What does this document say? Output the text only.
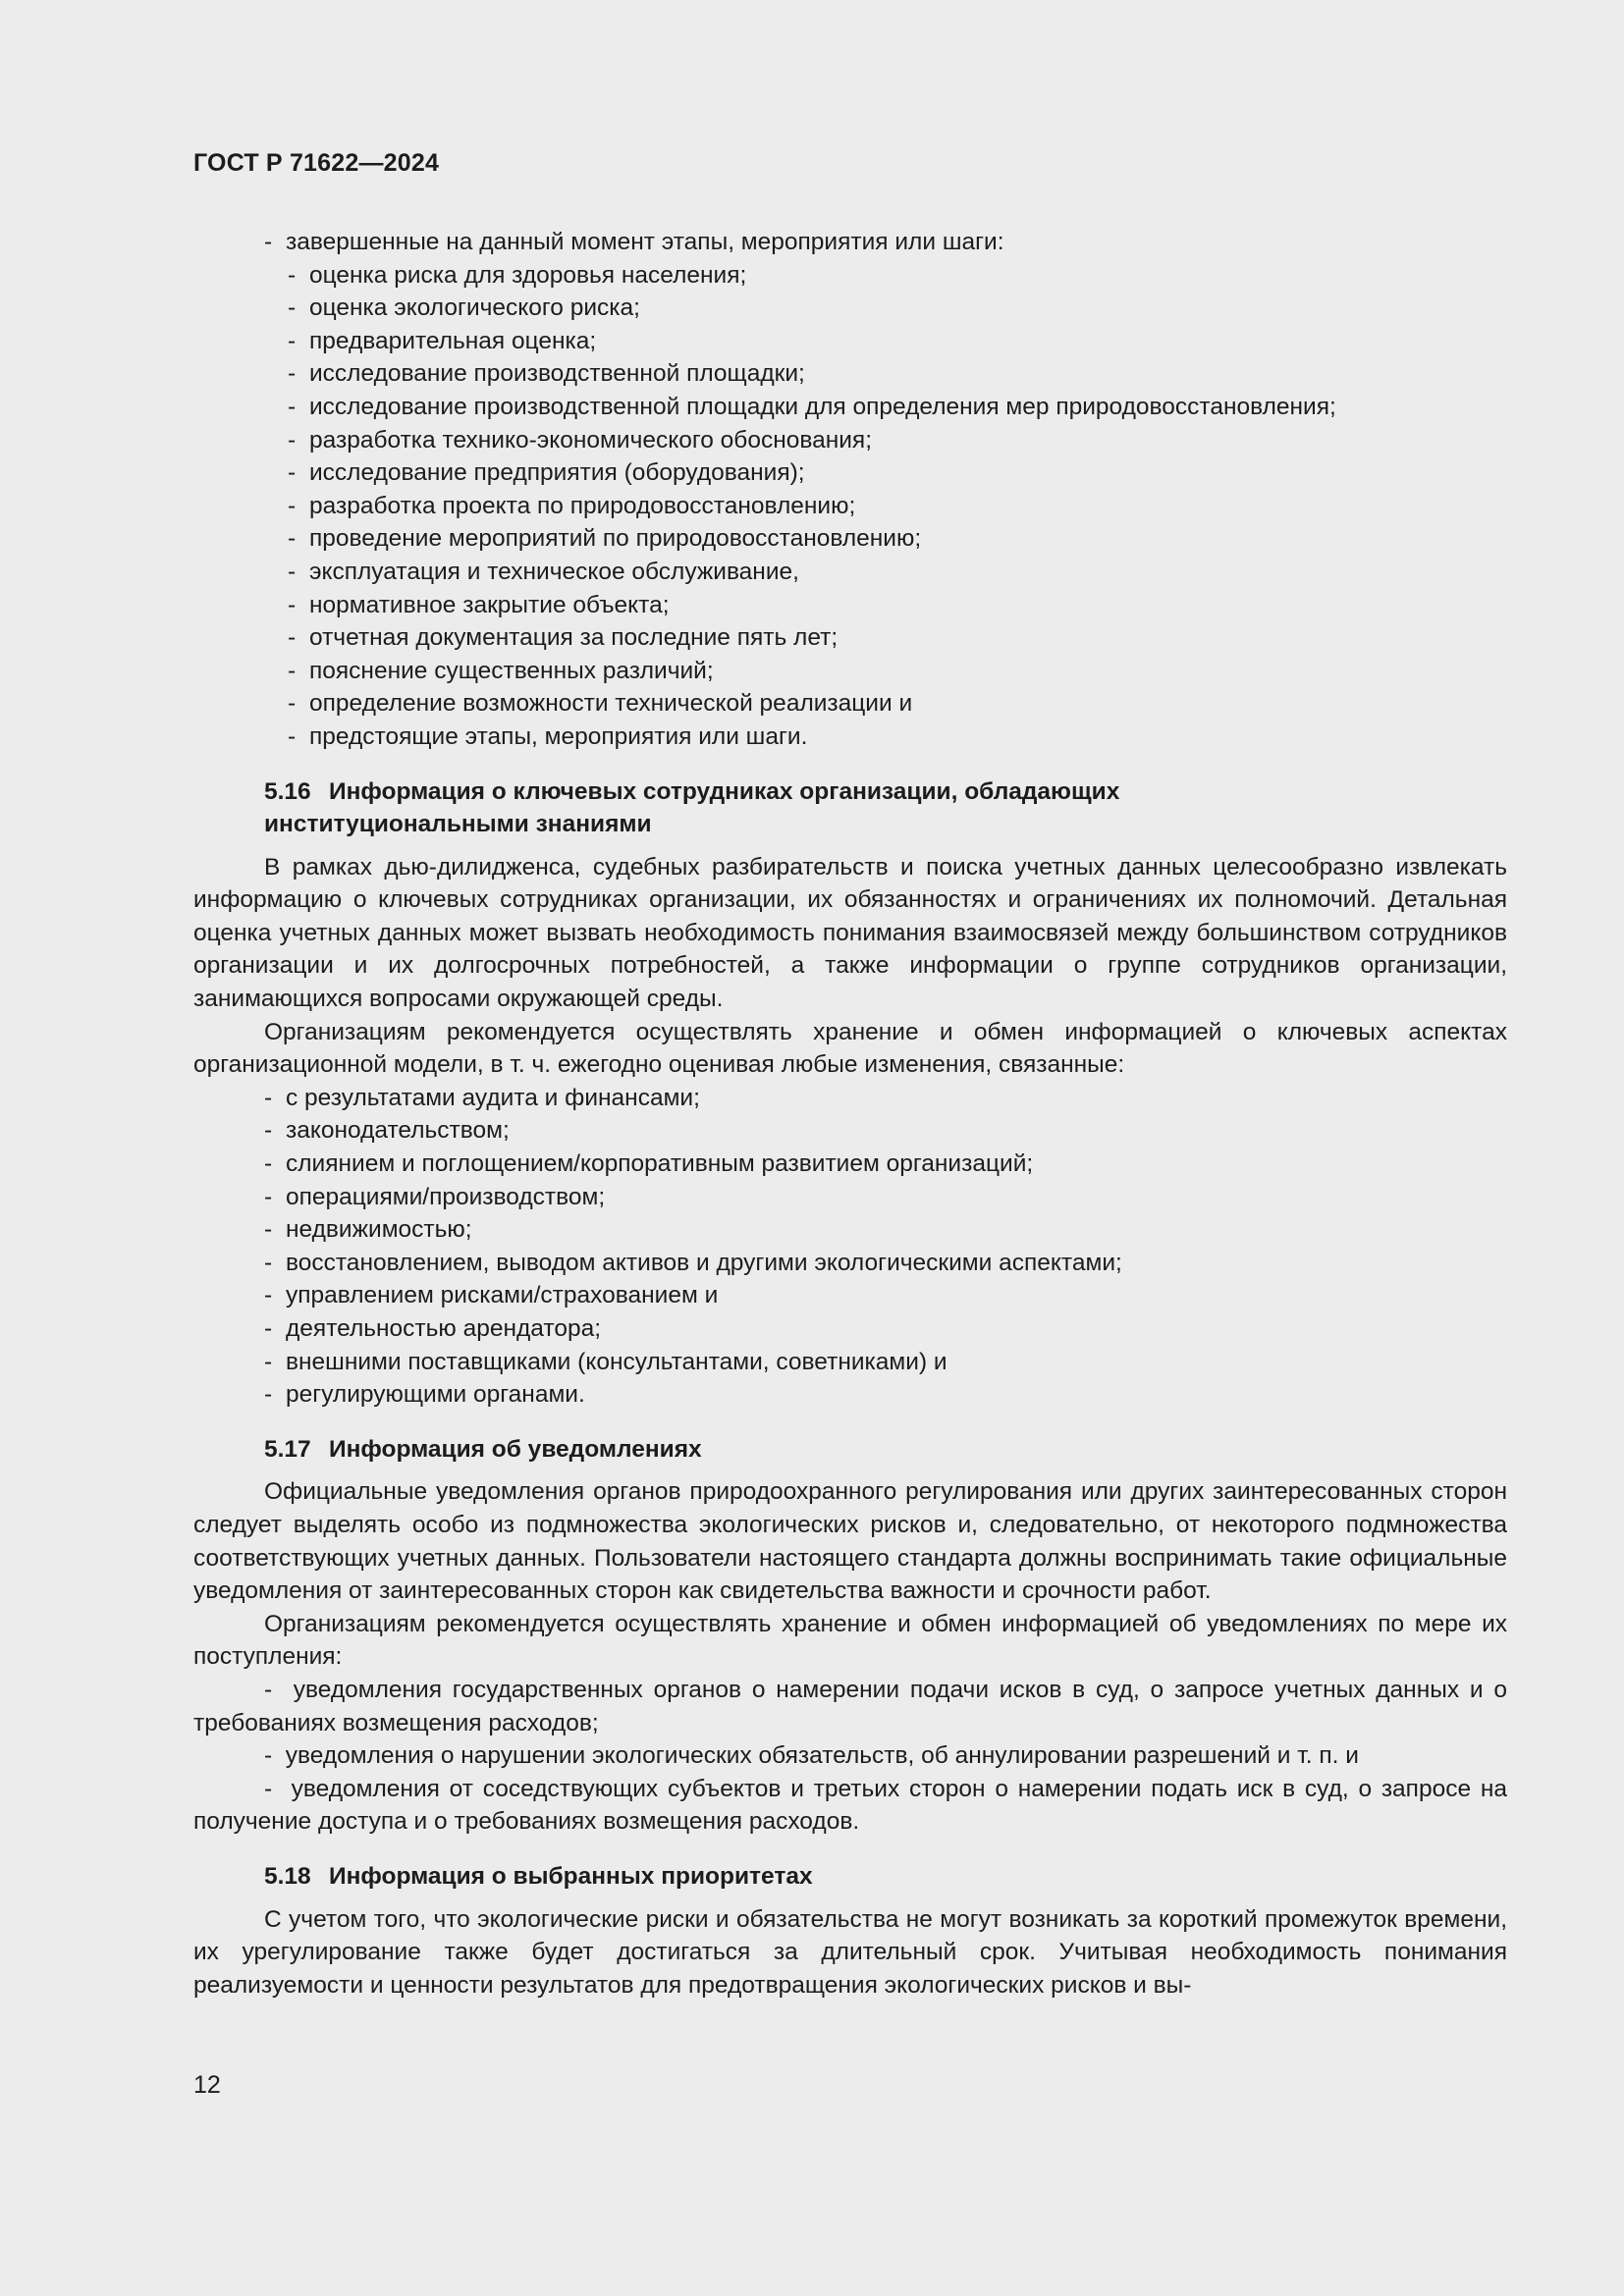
ГОСТ Р 71622—2024
- завершенные на данный момент этапы, мероприятия или шаги:
- оценка риска для здоровья населения;
- оценка экологического риска;
- предварительная оценка;
- исследование производственной площадки;
- исследование производственной площадки для определения мер природовосстановления;
- разработка технико-экономического обоснования;
- исследование предприятия (оборудования);
- разработка проекта по природовосстановлению;
- проведение мероприятий по природовосстановлению;
- эксплуатация и техническое обслуживание,
- нормативное закрытие объекта;
- отчетная документация за последние пять лет;
- пояснение существенных различий;
- определение возможности технической реализации и
- предстоящие этапы, мероприятия или шаги.
5.16 Информация о ключевых сотрудниках организации, обладающих
институциональными знаниями
В рамках дью-дилидженса, судебных разбирательств и поиска учетных данных целесообразно извлекать информацию о ключевых сотрудниках организации, их обязанностях и ограничениях их полномочий. Детальная оценка учетных данных может вызвать необходимость понимания взаимосвязей между большинством сотрудников организации и их долгосрочных потребностей, а также информации о группе сотрудников организации, занимающихся вопросами окружающей среды.
Организациям рекомендуется осуществлять хранение и обмен информацией о ключевых аспектах организационной модели, в т. ч. ежегодно оценивая любые изменения, связанные:
- с результатами аудита и финансами;
- законодательством;
- слиянием и поглощением/корпоративным развитием организаций;
- операциями/производством;
- недвижимостью;
- восстановлением, выводом активов и другими экологическими аспектами;
- управлением рисками/страхованием и
- деятельностью арендатора;
- внешними поставщиками (консультантами, советниками) и
- регулирующими органами.
5.17 Информация об уведомлениях
Официальные уведомления органов природоохранного регулирования или других заинтересованных сторон следует выделять особо из подмножества экологических рисков и, следовательно, от некоторого подмножества соответствующих учетных данных. Пользователи настоящего стандарта должны воспринимать такие официальные уведомления от заинтересованных сторон как свидетельства важности и срочности работ.
Организациям рекомендуется осуществлять хранение и обмен информацией об уведомлениях по мере их поступления:
-  уведомления государственных органов о намерении подачи исков в суд, о запросе учетных данных и о требованиях возмещения расходов;
-  уведомления о нарушении экологических обязательств, об аннулировании разрешений и т. п. и
-  уведомления от соседствующих субъектов и третьих сторон о намерении подать иск в суд, о запросе на получение доступа и о требованиях возмещения расходов.
5.18 Информация о выбранных приоритетах
С учетом того, что экологические риски и обязательства не могут возникать за короткий промежуток времени, их урегулирование также будет достигаться за длительный срок. Учитывая необходимость понимания реализуемости и ценности результатов для предотвращения экологических рисков и вы-
12
